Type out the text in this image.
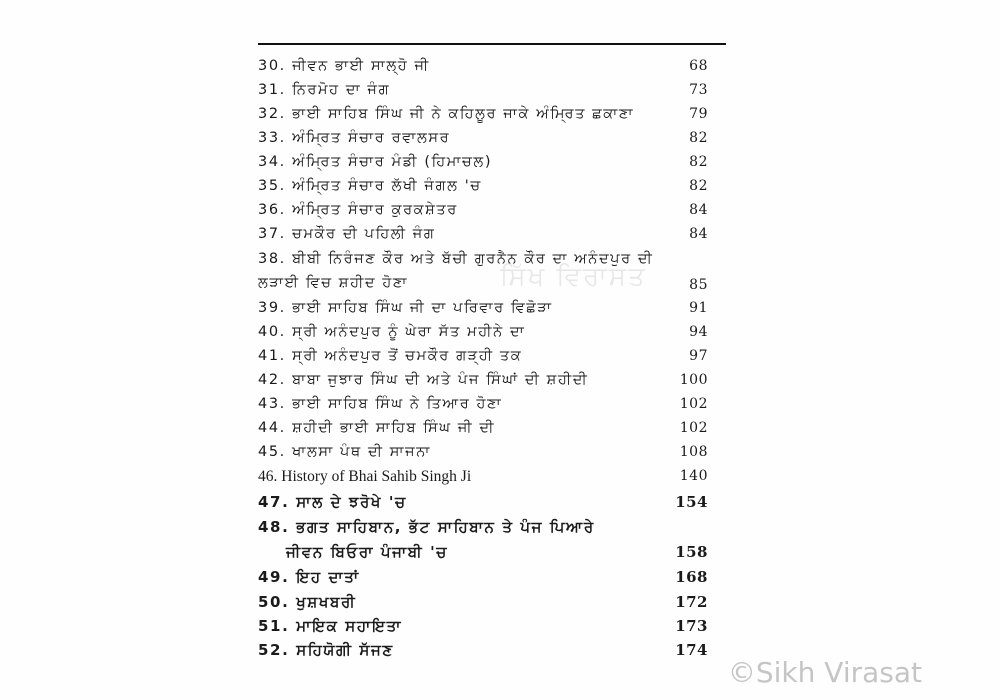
ਸਿੱਖ ਵਿਰਾਸਤ
30. ਜੀਵਨ ਭਾਈ ਸਾਲ੍ਹੋ ਜੀ	68
31. ਨਿਰਮੋਹ ਦਾ ਜੰਗ	73
32. ਭਾਈ ਸਾਹਿਬ ਸਿੰਘ ਜੀ ਨੇ ਕਹਿਲੂਰ ਜਾਕੇ ਅੰਮ੍ਰਿਤ ਛਕਾਣਾ	79
33. ਅੰਮ੍ਰਿਤ ਸੰਚਾਰ ਰਵਾਲਸਰ	82
34. ਅੰਮ੍ਰਿਤ ਸੰਚਾਰ ਮੰਡੀ (ਹਿਮਾਚਲ)	82
35. ਅੰਮ੍ਰਿਤ ਸੰਚਾਰ ਲੱਖੀ ਜੰਗਲ 'ਚ	82
36. ਅੰਮ੍ਰਿਤ ਸੰਚਾਰ ਕੁਰਕਸ਼ੇਤਰ	84
37. ਚਮਕੌਰ ਦੀ ਪਹਿਲੀ ਜੰਗ	84
38. ਬੀਬੀ ਨਿਰੰਜਣ ਕੌਰ ਅਤੇ ਬੱਚੀ ਗੁਰਨੈਨ ਕੌਰ ਦਾ ਅਨੰਦਪੁਰ ਦੀ
ਲੜਾਈ ਵਿਚ ਸ਼ਹੀਦ ਹੋਣਾ	85
39. ਭਾਈ ਸਾਹਿਬ ਸਿੰਘ ਜੀ ਦਾ ਪਰਿਵਾਰ ਵਿਛੋੜਾ	91
40. ਸ੍ਰੀ ਅਨੰਦਪੁਰ ਨੂੰ ਘੇਰਾ ਸੱਤ ਮਹੀਨੇ ਦਾ	94
41. ਸ੍ਰੀ ਅਨੰਦਪੁਰ ਤੋਂ ਚਮਕੌਰ ਗੜ੍ਹੀ ਤਕ	97
42. ਬਾਬਾ ਜੁਝਾਰ ਸਿੰਘ ਦੀ ਅਤੇ ਪੰਜ ਸਿੰਘਾਂ ਦੀ ਸ਼ਹੀਦੀ	100
43. ਭਾਈ ਸਾਹਿਬ ਸਿੰਘ ਨੇ ਤਿਆਰ ਹੋਣਾ	102
44. ਸ਼ਹੀਦੀ ਭਾਈ ਸਾਹਿਬ ਸਿੰਘ ਜੀ ਦੀ	102
45. ਖਾਲਸਾ ਪੰਥ ਦੀ ਸਾਜਨਾ	108
46. History of Bhai Sahib Singh Ji	140
47. ਸਾਲ ਦੇ ਝਰੋਖੇ 'ਚ	154
48. ਭਗਤ ਸਾਹਿਬਾਨ, ਭੱਟ ਸਾਹਿਬਾਨ ਤੇ ਪੰਜ ਪਿਆਰੇ
ਜੀਵਨ ਬਿਓਰਾ ਪੰਜਾਬੀ 'ਚ	158
49. ਇਹ ਦਾਤਾਂ	168
50. ਖੁਸ਼ਖਬਰੀ	172
51. ਮਾਇਕ ਸਹਾਇਤਾ	173
52. ਸਹਿਯੋਗੀ ਸੱਜਣ	174
©Sikh Virasat
